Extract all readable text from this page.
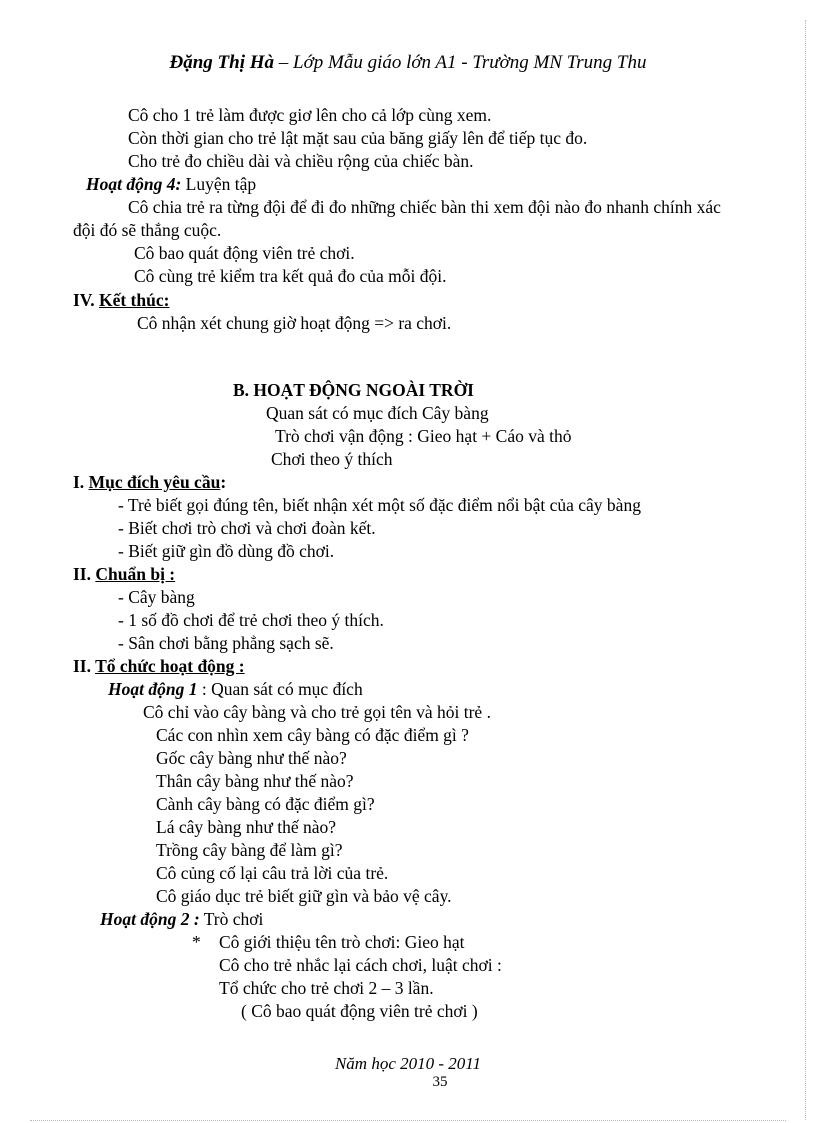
Đặng Thị Hà – Lớp Mẫu giáo lớn A1 - Trường MN Trung Thu
Cô cho 1 trẻ làm được giơ lên cho cả lớp cùng xem.
Còn thời gian cho trẻ lật mặt sau của băng giấy lên để tiếp tục đo.
Cho trẻ đo chiều dài và chiều rộng của chiếc bàn.
Hoạt động 4: Luyện tập
Cô chia trẻ ra từng đội để đi đo những chiếc bàn thi xem đội nào đo nhanh chính xác
đội đó sẽ thắng cuộc.
Cô bao quát động viên trẻ chơi.
Cô cùng trẻ kiểm tra kết quả đo của mỗi đội.
IV. Kết thúc:
Cô nhận xét chung giờ hoạt động => ra chơi.
B. HOẠT ĐỘNG NGOÀI TRỜI
Quan sát có mục đích Cây bàng
Trò chơi vận động : Gieo hạt + Cáo và thỏ
Chơi theo ý thích
I. Mục đích yêu cầu:
- Trẻ biết gọi đúng tên, biết nhận xét một số đặc điểm nổi bật của cây bàng
- Biết chơi trò chơi và chơi đoàn kết.
- Biết giữ gìn đồ dùng đồ chơi.
II. Chuẩn bị :
- Cây bàng
- 1 số đồ chơi để trẻ chơi theo ý thích.
- Sân chơi bằng phẳng sạch sẽ.
II. Tổ chức hoạt động :
Hoạt động 1 : Quan sát có mục đích
Cô chỉ vào cây bàng và cho trẻ gọi tên và hỏi trẻ .
Các con nhìn xem cây bàng có đặc điểm gì ?
Gốc cây bàng như thế nào?
Thân cây bàng như thế nào?
Cành cây bàng có đặc điểm gì?
Lá cây bàng như thế nào?
Trồng cây bàng để làm gì?
Cô củng cố lại câu trả lời của trẻ.
Cô giáo dục trẻ biết giữ gìn và bảo vệ cây.
Hoạt động 2 : Trò chơi
* Cô giới thiệu tên trò chơi: Gieo hạt
Cô cho trẻ nhắc lại cách chơi, luật chơi :
Tổ chức cho trẻ chơi 2 – 3 lần.
( Cô bao quát động viên trẻ chơi )
Năm học 2010 - 2011
35
